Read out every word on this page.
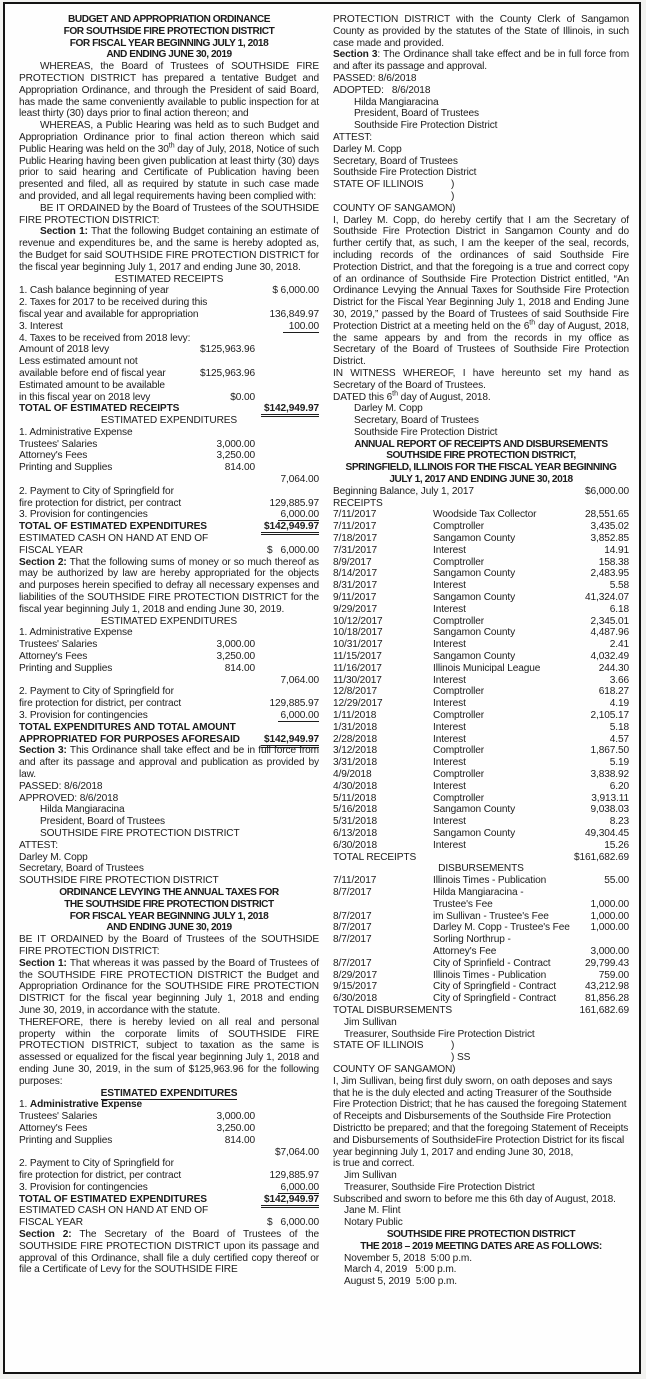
BUDGET AND APPROPRIATION ORDINANCE
FOR SOUTHSIDE FIRE PROTECTION DISTRICT
FOR FISCAL YEAR BEGINNING JULY 1, 2018
AND ENDING JUNE 30, 2019
WHEREAS, the Board of Trustees of SOUTHSIDE FIRE PROTECTION DISTRICT has prepared a tentative Budget and Appropriation Ordinance, and through the President of said Board, has made the same conveniently available to public inspection for at least thirty (30) days prior to final action thereon; and
WHEREAS, a Public Hearing was held as to such Budget and Appropriation Ordinance prior to final action thereon which said Public Hearing was held on the 30th day of July, 2018, Notice of such Public Hearing having been given publication at least thirty (30) days prior to said hearing and Certificate of Publication having been presented and filed, all as required by statute in such case made and provided, and all legal requirements having been complied with:
BE IT ORDAINED by the Board of Trustees of the SOUTHSIDE FIRE PROTECTION DISTRICT:
Section 1: That the following Budget containing an estimate of revenue and expenditures be, and the same is hereby adopted as, the Budget for said SOUTHSIDE FIRE PROTECTION DISTRICT for the fiscal year beginning July 1, 2017 and ending June 30, 2018.
ESTIMATED RECEIPTS
1. Cash balance beginning of year	$ 6,000.00
2. Taxes for 2017 to be received during this
fiscal year and available for appropriation	136,849.97
3. Interest	100.00
4. Taxes to be received from 2018 levy:
Amount of 2018 levy	$125,963.96
Less estimated amount not
available before end of fiscal year	$125,963.96
Estimated amount to be available
in this fiscal year on 2018 levy	$0.00
TOTAL OF ESTIMATED RECEIPTS	$142,949.97
ESTIMATED EXPENDITURES
1. Administrative Expense
Trustees' Salaries	3,000.00
Attorney's Fees	3,250.00
Printing and Supplies	814.00
7,064.00
2. Payment to City of Springfield for
fire protection for district, per contract	129,885.97
3. Provision for contingencies	6,000.00
TOTAL OF ESTIMATED EXPENDITURES	$142,949.97
ESTIMATED CASH ON HAND AT END OF
FISCAL YEAR	$   6,000.00
Section 2: That the following sums of money or so much thereof as may be authorized by law are hereby appropriated for the objects and purposes herein specified to defray all necessary expenses and liabilities of the SOUTHSIDE FIRE PROTECTION DISTRICT for the fiscal year beginning July 1, 2018 and ending June 30, 2019.
ESTIMATED EXPENDITURES
1. Administrative Expense
Trustees' Salaries	3,000.00
Attorney's Fees	3,250.00
Printing and Supplies	814.00
7,064.00
2. Payment to City of Springfield for
fire protection for district, per contract	129,885.97
3. Provision for contingencies	6,000.00
TOTAL EXPENDITURES AND TOTAL AMOUNT
APPROPRIATED FOR PURPOSES AFORESAID	$142,949.97
Section 3: This Ordinance shall take effect and be in full force from and after its passage and approval and publication as provided by law.
PASSED: 8/6/2018
APPROVED: 8/6/2018
Hilda Mangiaracina
President, Board of Trustees
SOUTHSIDE FIRE PROTECTION DISTRICT
ATTEST:
Darley M. Copp
Secretary, Board of Trustees
SOUTHSIDE FIRE PROTECTION DISTRICT
ORDINANCE LEVYING THE ANNUAL TAXES FOR
THE SOUTHSIDE FIRE PROTECTION DISTRICT
FOR FISCAL YEAR BEGINNING JULY 1, 2018
AND ENDING JUNE 30, 2019
BE IT ORDAINED by the Board of Trustees of the SOUTHSIDE FIRE PROTECTION DISTRICT:
Section 1: That whereas it was passed by the Board of Trustees of the SOUTHSIDE FIRE PROTECTION DISTRICT the Budget and Appropriation Ordinance for the SOUTHSIDE FIRE PROTECTION DISTRICT for the fiscal year beginning July 1, 2018 and ending June 30, 2019, in accordance with the statute.
THEREFORE, there is hereby levied on all real and personal property within the corporate limits of SOUTHSIDE FIRE PROTECTION DISTRICT, subject to taxation as the same is assessed or equalized for the fiscal year beginning July 1, 2018 and ending June 30, 2019, in the sum of $125,963.96 for the following purposes:
ESTIMATED EXPENDITURES
1. Administrative Expense
Trustees' Salaries	3,000.00
Attorney's Fees	3,250.00
Printing and Supplies	814.00
$7,064.00
2. Payment to City of Springfield for
fire protection for district, per contract	129,885.97
3. Provision for contingencies	6,000.00
TOTAL OF ESTIMATED EXPENDITURES	$142,949.97
ESTIMATED CASH ON HAND AT END OF
FISCAL YEAR	$   6,000.00
Section 2: The Secretary of the Board of Trustees of the SOUTHSIDE FIRE PROTECTION DISTRICT upon its passage and approval of this Ordinance, shall file a duly certified copy thereof or file a Certificate of Levy for the SOUTHSIDE FIRE
PROTECTION DISTRICT with the County Clerk of Sangamon County as provided by the statutes of the State of Illinois, in such case made and provided.
Section 3: The Ordinance shall take effect and be in full force from and after its passage and approval.
PASSED: 8/6/2018
ADOPTED:   8/6/2018
Hilda Mangiaracina
President, Board of Trustees
Southside Fire Protection District
ATTEST:
Darley M. Copp
Secretary, Board of Trustees
Southside Fire Protection District
STATE OF ILLINOIS	)
)
COUNTY OF SANGAMON )
I, Darley M. Copp, do hereby certify that I am the Secretary of Southside Fire Protection District in Sangamon County and do further certify that, as such, I am the keeper of the seal, records, including records of the ordinances of said Southside Fire Protection District, and that the foregoing is a true and correct copy of an ordinance of Southside Fire Protection District entitled, “An Ordinance Levying the Annual Taxes for Southside Fire Protection District for the Fiscal Year Beginning July 1, 2018 and Ending June 30, 2019,” passed by the Board of Trustees of said Southside Fire Protection District at a meeting held on the 6th day of August, 2018, the same appears by and from the records in my office as Secretary of the Board of Trustees of Southside Fire Protection District.
IN WITNESS WHEREOF, I have hereunto set my hand as Secretary of the Board of Trustees.
DATED this 6th day of August, 2018.
Darley M. Copp
Secretary, Board of Trustees
Southside Fire Protection District
ANNUAL REPORT OF RECEIPTS AND DISBURSEMENTS
SOUTHSIDE FIRE PROTECTION DISTRICT,
SPRINGFIELD, ILLINOIS FOR THE FISCAL YEAR BEGINNING
JULY 1, 2017 AND ENDING JUNE 30, 2018
Beginning Balance, July 1, 2017	$6,000.00
RECEIPTS
7/11/2017	Woodside Tax Collector	28,551.65
7/11/2017	Comptroller	3,435.02
7/18/2017	Sangamon County	3,852.85
7/31/2017	Interest	14.91
8/9/2017	Comptroller	158.38
8/14/2017	Sangamon County	2,483.95
8/31/2017	Interest	5.58
9/11/2017	Sangamon County	41,324.07
9/29/2017	Interest	6.18
10/12/2017	Comptroller	2,345.01
10/18/2017	Sangamon County	4,487.96
10/31/2017	Interest	2.41
11/15/2017	Sangamon County	4,032.49
11/16/2017	Illinois Municipal League	244.30
11/30/2017	Interest	3.66
12/8/2017	Comptroller	618.27
12/29/2017	Interest	4.19
1/11/2018	Comptroller	2,105.17
1/31/2018	Interest	5.18
2/28/2018	Interest	4.57
3/12/2018	Comptroller	1,867.50
3/31/2018	Interest	5.19
4/9/2018	Comptroller	3,838.92
4/30/2018	Interest	6.20
5/11/2018	Comptroller	3,913.11
5/16/2018	Sangamon County	9,038.03
5/31/2018	Interest	8.23
6/13/2018	Sangamon County	49,304.45
6/30/2018	Interest	15.26
TOTAL RECEIPTS	$161,682.69
DISBURSEMENTS
7/11/2017	Illinois Times - Publication	55.00
8/7/2017	Hilda Mangiaracina -
Trustee's Fee	1,000.00
8/7/2017	im Sullivan - Trustee's Fee	1,000.00
8/7/2017	Darley M. Copp - Trustee's Fee	1,000.00
8/7/2017	Sorling Northrup -
Attorney's Fee	3,000.00
8/7/2017	City of Sprinfield - Contract	29,799.43
8/29/2017	Illinois Times - Publication	759.00
9/15/2017	City of Springfield - Contract	43,212.98
6/30/2018	City of Springfield - Contract	81,856.28
TOTAL DISBURSEMENTS	161,682.69
Jim Sullivan
Treasurer, Southside Fire Protection District
STATE OF ILLINOIS	)
) SS
COUNTY OF SANGAMON )
I, Jim Sullivan, being first duly sworn, on oath deposes and says that he is the duly elected and acting Treasurer of the Southside Fire Protection District; that he has caused the foregoing Statement of Receipts and Disbursements of the Southside Fire Protection Districtto be prepared; and that the foregoing Statement of Receipts and Disbursements of SouthsideFire Protection District for its fiscal year beginning July 1, 2017 and ending June 30, 2018,
is true and correct.
Jim Sullivan
Treasurer, Southside Fire Protection District
Subscribed and sworn to before me this 6th day of August, 2018.
Jane M. Flint
Notary Public
SOUTHSIDE FIRE PROTECTION DISTRICT
THE 2018 – 2019 MEETING DATES ARE AS FOLLOWS:
November 5, 2018  5:00 p.m.
March 4, 2019   5:00 p.m.
August 5, 2019  5:00 p.m.
